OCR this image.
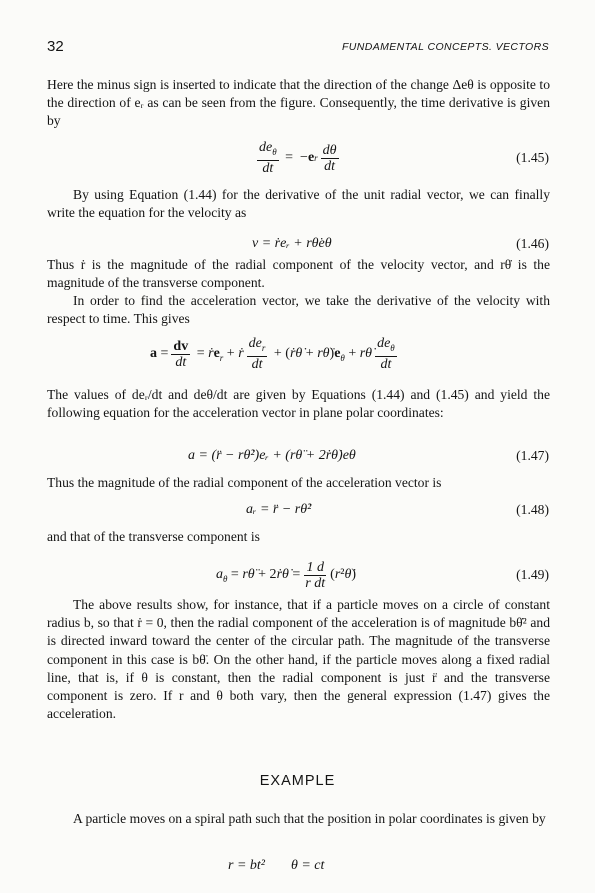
32	FUNDAMENTAL CONCEPTS. VECTORS
Here the minus sign is inserted to indicate that the direction of the change Δeθ is opposite to the direction of eᵣ as can be seen from the figure. Consequently, the time derivative is given by
$\frac{de_\theta}{dt}$ =  − e r $\frac{d\theta}{dt}$	(1.45)
By using Equation (1.44) for the derivative of the unit radial vector, we can finally write the equation for the velocity as
v = ṙeᵣ + rθ̇eθ	(1.46)
Thus ṙ is the magnitude of the radial component of the velocity vector, and rθ̇ is the magnitude of the transverse component.
In order to find the acceleration vector, we take the derivative of the velocity with respect to time. This gives
$a = \frac{dv}{dt}$ = ṙe$_r$ + ṙ $\frac{de_r}{dt}$ + (ṙθ̇ + $r\thetä)e_\theta$ + rθ̇ $\frac{de_\theta}{dt}$
The values of deᵣ/dt and deθ/dt are given by Equations (1.44) and (1.45) and yield the following equation for the acceleration vector in plane polar coordinates:
a = (r̈ − rθ̇²)eᵣ + (rθ̈ + 2ṙθ̇)eθ	(1.47)
Thus the magnitude of the radial component of the acceleration vector is
aᵣ = r̈ − rθ̇²	(1.48)
and that of the transverse component is
$a_\theta$ = rθ̈ + 2 ṙθ̇ = $\frac{1 d}{\text{r dt}}$ (r²θ̇)	(1.49)
The above results show, for instance, that if a particle moves on a circle of constant radius b, so that ṙ = 0, then the radial component of the acceleration is of magnitude bθ̇² and is directed inward toward the center of the circular path. The magnitude of the transverse component in this case is bθ̈. On the other hand, if the particle moves along a fixed radial line, that is, if θ is constant, then the radial component is just r̈ and the transverse component is zero. If r and θ both vary, then the general expression (1.47) gives the acceleration.
EXAMPLE
A particle moves on a spiral path such that the position in polar coordinates is given by
r = bt² θ = ct
